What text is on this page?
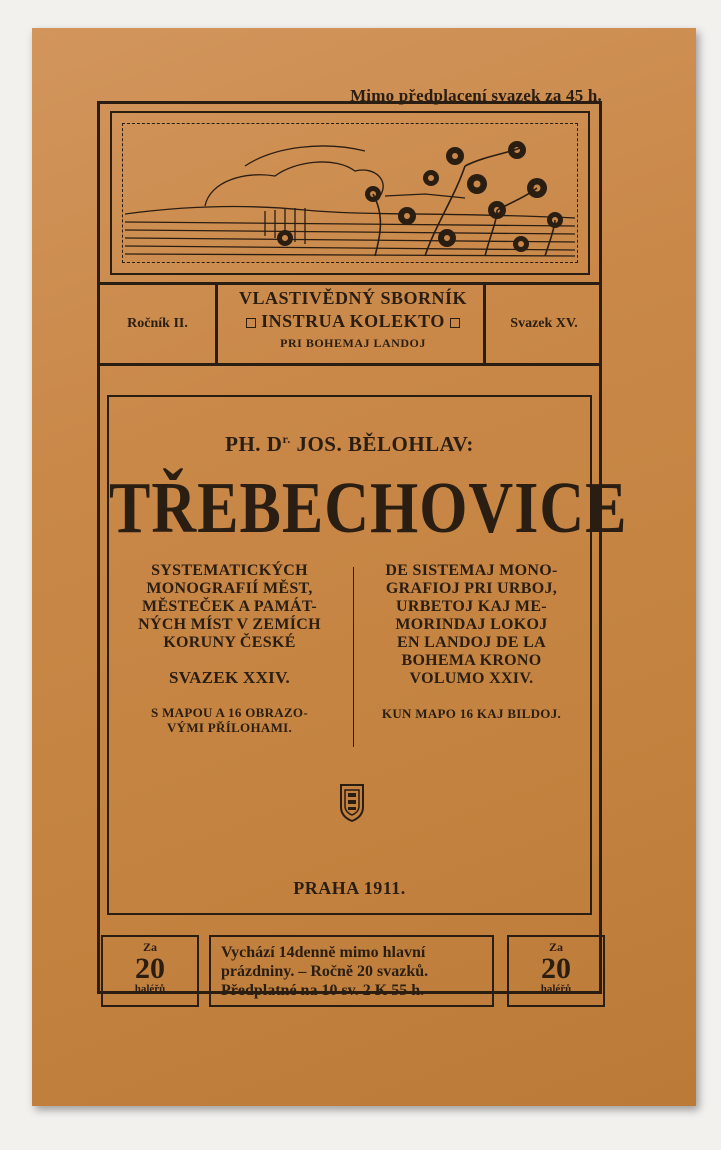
Mimo předplacení svazek za 45 h.
Ročník II.	Svazek XV.
VLASTIVĚDNÝ SBORNÍK
INSTRUA KOLEKTO
PRI BOHEMAJ LANDOJ
PH. $D^{r.}$ JOS. BĚLOHLAV:
TŘEBECHOVICE
SYSTEMATICKÝCH
MONOGRAFIÍ MĚST,
MĚSTEČEK A PAMÁT-
NÝCH MÍST V ZEMÍCH
KORUNY ČESKÉ
SVAZEK XXIV.
S MAPOU A 16 OBRAZO-
VÝMI PŘÍLOHAMI.
DE SISTEMAJ MONO-
GRAFIOJ PRI URBOJ,
URBETOJ KAJ ME-
MORINDAJ LOKOJ
EN LANDOJ DE LA
BOHEMA KRONO
VOLUMO XXIV.
KUN MAPO 16 KAJ BILDOJ.
PRAHA 1911.
Za
20
haléřů
Vychází 14denně mimo hlavní
prázdniny. – Ročně 20 svazků.
Předplatné na 10 sv. 2 K 55 h.
Za
20
haléřů
